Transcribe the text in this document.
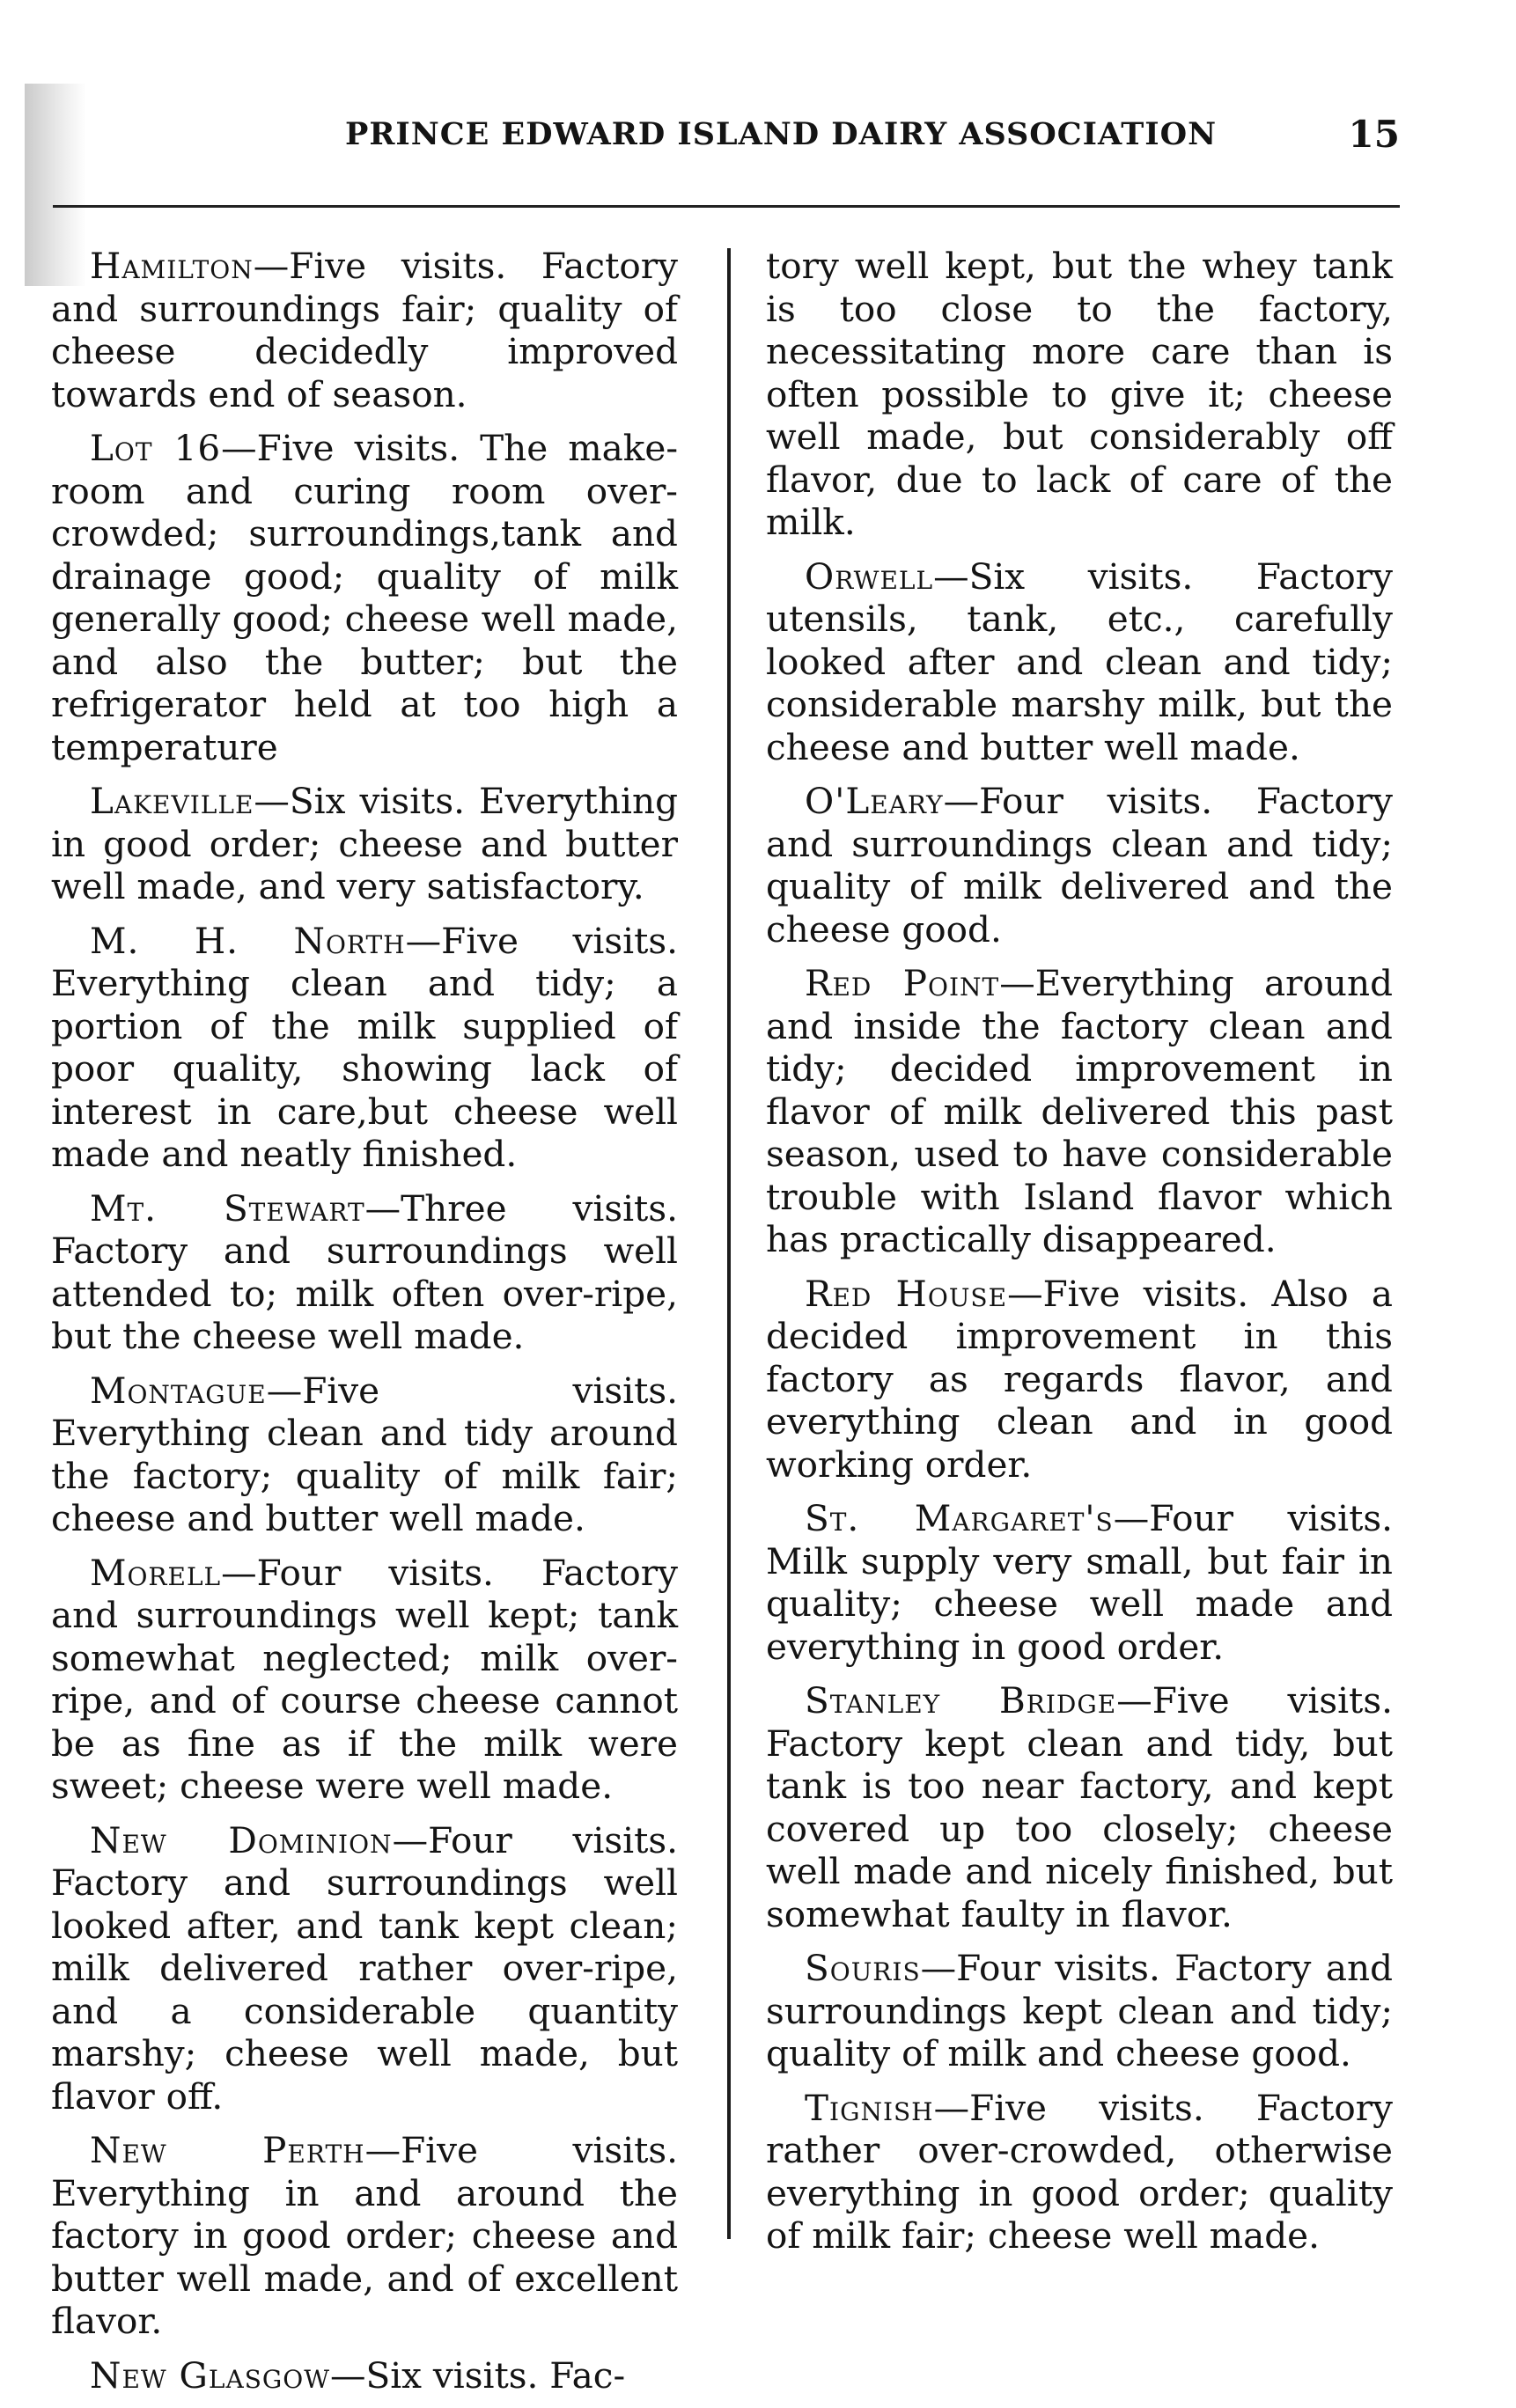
PRINCE EDWARD ISLAND DAIRY ASSOCIATION	15

Hamilton—Five visits. Factory and surroundings fair; quality of cheese decidedly improved towards end of season.

Lot 16—Five visits. The make-room and curing room over-crowded; surroundings,tank and drainage good; quality of milk generally good; cheese well made, and also the butter; but the refrigerator held at too high a temperature

Lakeville—Six visits. Everything in good order; cheese and butter well made, and very satisfactory.

M. H. North—Five visits. Everything clean and tidy; a portion of the milk supplied of poor quality, showing lack of interest in care,but cheese well made and neatly finished.

Mt. Stewart—Three visits. Factory and surroundings well attended to; milk often over-ripe, but the cheese well made.

Montague—Five visits. Everything clean and tidy around the factory; quality of milk fair; cheese and butter well made.

Morell—Four visits. Factory and surroundings well kept; tank somewhat neglected; milk over-ripe, and of course cheese cannot be as fine as if the milk were sweet; cheese were well made.

New Dominion—Four visits. Factory and surroundings well looked after, and tank kept clean; milk delivered rather over-ripe, and a considerable quantity marshy; cheese well made, but flavor off.

New Perth—Five visits. Everything in and around the factory in good order; cheese and butter well made, and of excellent flavor.

New Glasgow—Six visits. Fac-

tory well kept, but the whey tank is too close to the factory, necessitating more care than is often possible to give it; cheese well made, but considerably off flavor, due to lack of care of the milk.

Orwell—Six visits. Factory utensils, tank, etc., carefully looked after and clean and tidy; considerable marshy milk, but the cheese and butter well made.

O'Leary—Four visits. Factory and surroundings clean and tidy; quality of milk delivered and the cheese good.

Red Point—Everything around and inside the factory clean and tidy; decided improvement in flavor of milk delivered this past season, used to have considerable trouble with Island flavor which has practically disappeared.

Red House—Five visits. Also a decided improvement in this factory as regards flavor, and everything clean and in good working order.

St. Margaret's—Four visits. Milk supply very small, but fair in quality; cheese well made and everything in good order.

Stanley Bridge—Five visits. Factory kept clean and tidy, but tank is too near factory, and kept covered up too closely; cheese well made and nicely finished, but somewhat faulty in flavor.

Souris—Four visits. Factory and surroundings kept clean and tidy; quality of milk and cheese good.

Tignish—Five visits. Factory rather over-crowded, otherwise everything in good order; quality of milk fair; cheese well made.
